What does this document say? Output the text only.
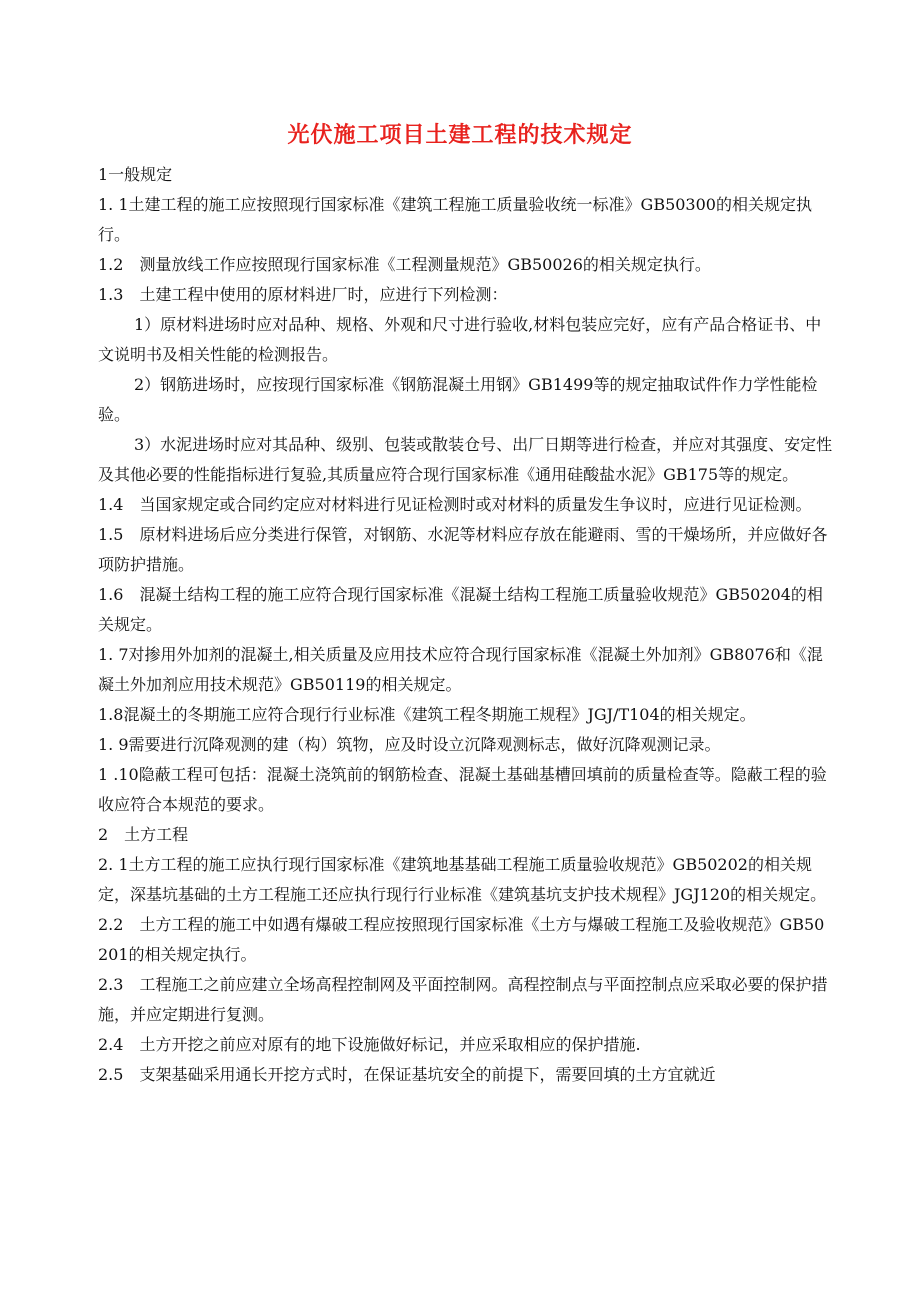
光伏施工项目土建工程的技术规定

1一般规定

1. 1土建工程的施工应按照现行国家标准《建筑工程施工质量验收统一标准》GB50300的相关规定执行。

1.2　测量放线工作应按照现行国家标准《工程测量规范》GB50026的相关规定执行。

1.3　土建工程中使用的原材料进厂时，应进行下列检测：

1）原材料进场时应对品种、规格、外观和尺寸进行验收,材料包装应完好，应有产品合格证书、中文说明书及相关性能的检测报告。

2）钢筋进场时，应按现行国家标准《钢筋混凝土用钢》GB1499等的规定抽取试件作力学性能检验。

3）水泥进场时应对其品种、级别、包装或散装仓号、出厂日期等进行检查，并应对其强度、安定性及其他必要的性能指标进行复验,其质量应符合现行国家标准《通用硅酸盐水泥》GB175等的规定。

1.4　当国家规定或合同约定应对材料进行见证检测时或对材料的质量发生争议时，应进行见证检测。

1.5　原材料进场后应分类进行保管，对钢筋、水泥等材料应存放在能避雨、雪的干燥场所，并应做好各项防护措施。

1.6　混凝土结构工程的施工应符合现行国家标准《混凝土结构工程施工质量验收规范》GB50204的相关规定。

1. 7对掺用外加剂的混凝土,相关质量及应用技术应符合现行国家标准《混凝土外加剂》GB8076和《混凝土外加剂应用技术规范》GB50119的相关规定。

1.8混凝土的冬期施工应符合现行行业标准《建筑工程冬期施工规程》JGJ/T104的相关规定。

1. 9需要进行沉降观测的建（构）筑物，应及时设立沉降观测标志，做好沉降观测记录。

1 .10隐蔽工程可包括：混凝土浇筑前的钢筋检查、混凝土基础基槽回填前的质量检查等。隐蔽工程的验收应符合本规范的要求。

2　土方工程

2. 1土方工程的施工应执行现行国家标准《建筑地基基础工程施工质量验收规范》GB50202的相关规定，深基坑基础的土方工程施工还应执行现行行业标准《建筑基坑支护技术规程》JGJ120的相关规定。

2.2　土方工程的施工中如遇有爆破工程应按照现行国家标准《土方与爆破工程施工及验收规范》GB50201的相关规定执行。

2.3　工程施工之前应建立全场高程控制网及平面控制网。高程控制点与平面控制点应采取必要的保护措施，并应定期进行复测。

2.4　土方开挖之前应对原有的地下设施做好标记，并应采取相应的保护措施.

2.5　支架基础采用通长开挖方式时，在保证基坑安全的前提下，需要回填的土方宜就近
